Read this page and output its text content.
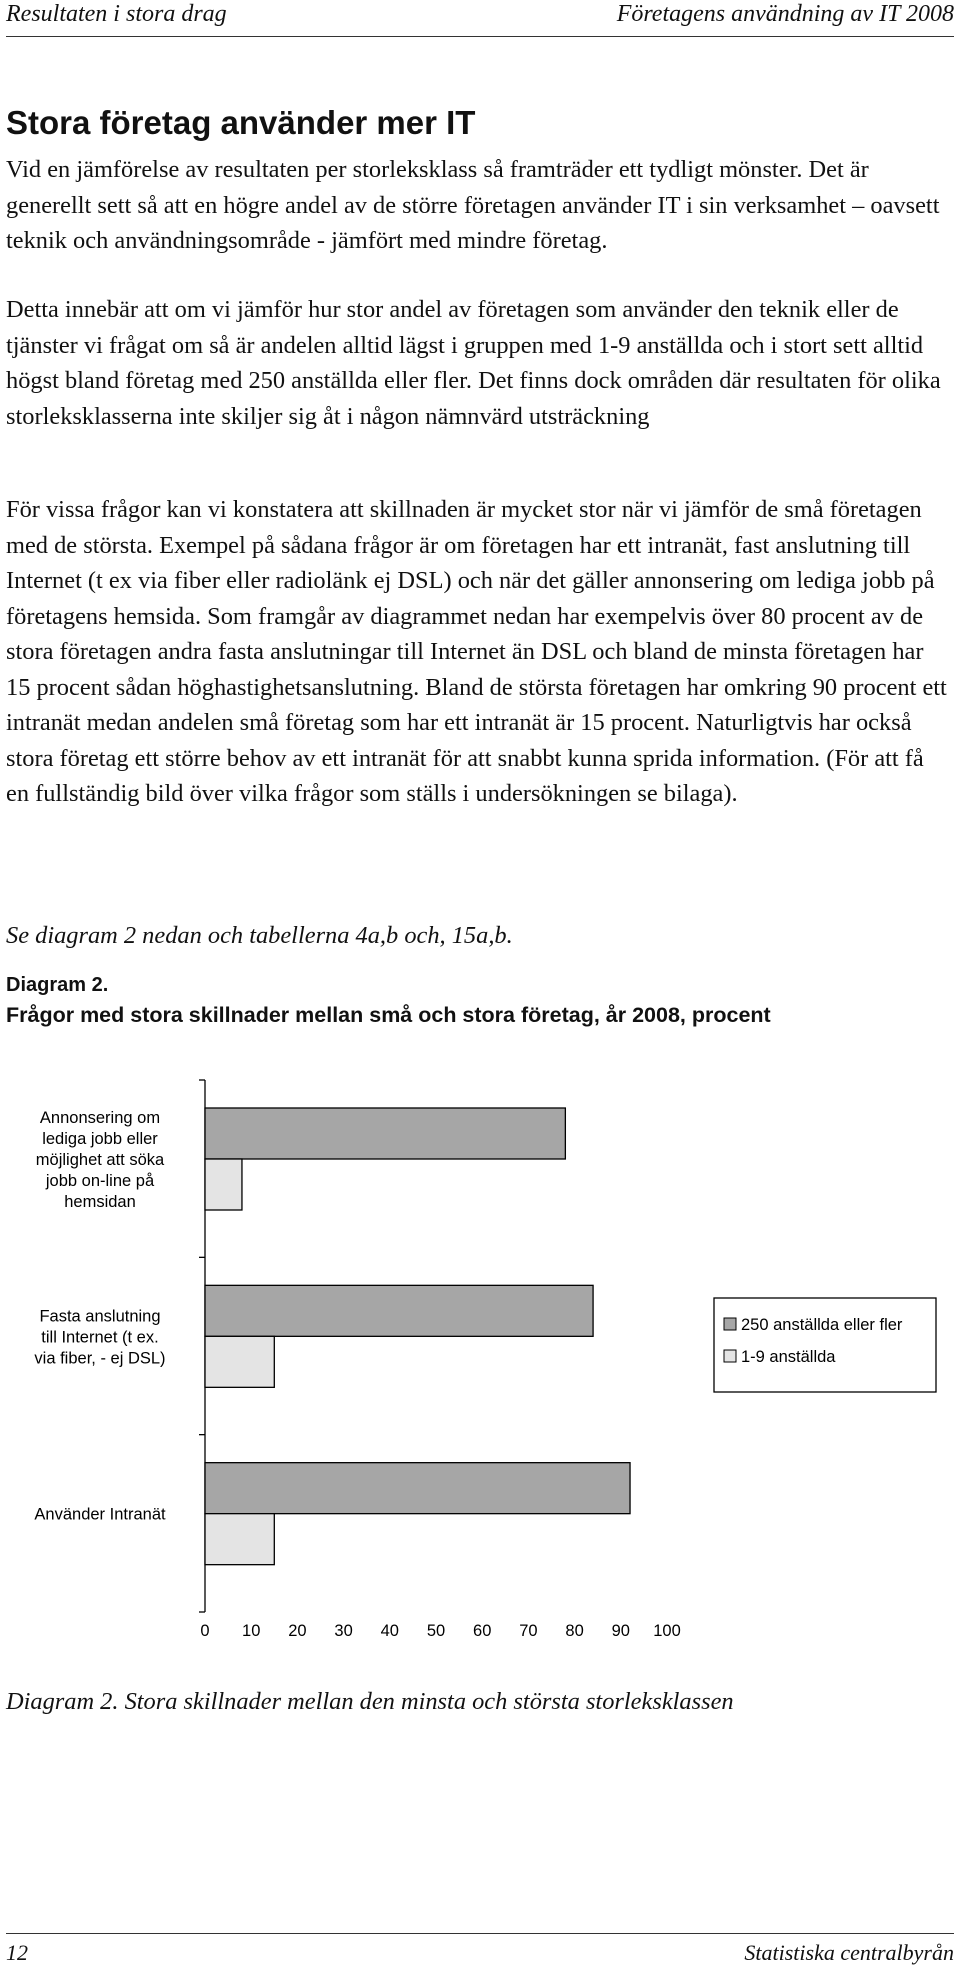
Resultaten i stora drag	Företagens användning av IT 2008
Stora företag använder mer IT

Vid en jämförelse av resultaten per storleksklass så framträder ett tydligt mönster. Det är generellt sett så att en högre andel av de större företagen använder IT i sin verksamhet – oavsett teknik och användningsområde - jämfört med mindre företag.

Detta innebär att om vi jämför hur stor andel av företagen som använder den teknik eller de tjänster vi frågat om så är andelen alltid lägst i gruppen med 1-9 anställda och i stort sett alltid högst bland företag med 250 anställda eller fler. Det finns dock områden där resultaten för olika storleksklasserna inte skiljer sig åt i någon nämnvärd utsträckning

För vissa frågor kan vi konstatera att skillnaden är mycket stor när vi jämför de små företagen med de största. Exempel på sådana frågor är om företagen har ett intranät, fast anslutning till Internet (t ex via fiber eller radiolänk ej DSL) och när det gäller annonsering om lediga jobb på företagens hemsida. Som framgår av diagrammet nedan har exempelvis över 80 procent av de stora företagen andra fasta anslutningar till Internet än DSL och bland de minsta företagen har 15 procent sådan höghastighetsanslutning. Bland de största företagen har omkring 90 procent ett intranät medan andelen små företag som har ett intranät är 15 procent. Naturligtvis har också stora företag ett större behov av ett intranät för att snabbt kunna sprida information. (För att få en fullständig bild över vilka frågor som ställs i undersökningen se bilaga).

Se diagram 2 nedan och tabellerna 4a,b och, 15a,b.

Diagram 2.
Frågor med stora skillnader mellan små och stora företag, år 2008, procent
Annonsering om lediga jobb eller möjlighet att söka jobb on-line på hemsidan
Fasta anslutning till Internet (t ex. via fiber, - ej DSL)
Använder Intranät
0 10 20 30 40 50 60 70 80 90 100
250 anställda eller fler
1-9 anställda
Diagram 2. Stora skillnader mellan den minsta och största storleksklassen
12	Statistiska centralbyrån
